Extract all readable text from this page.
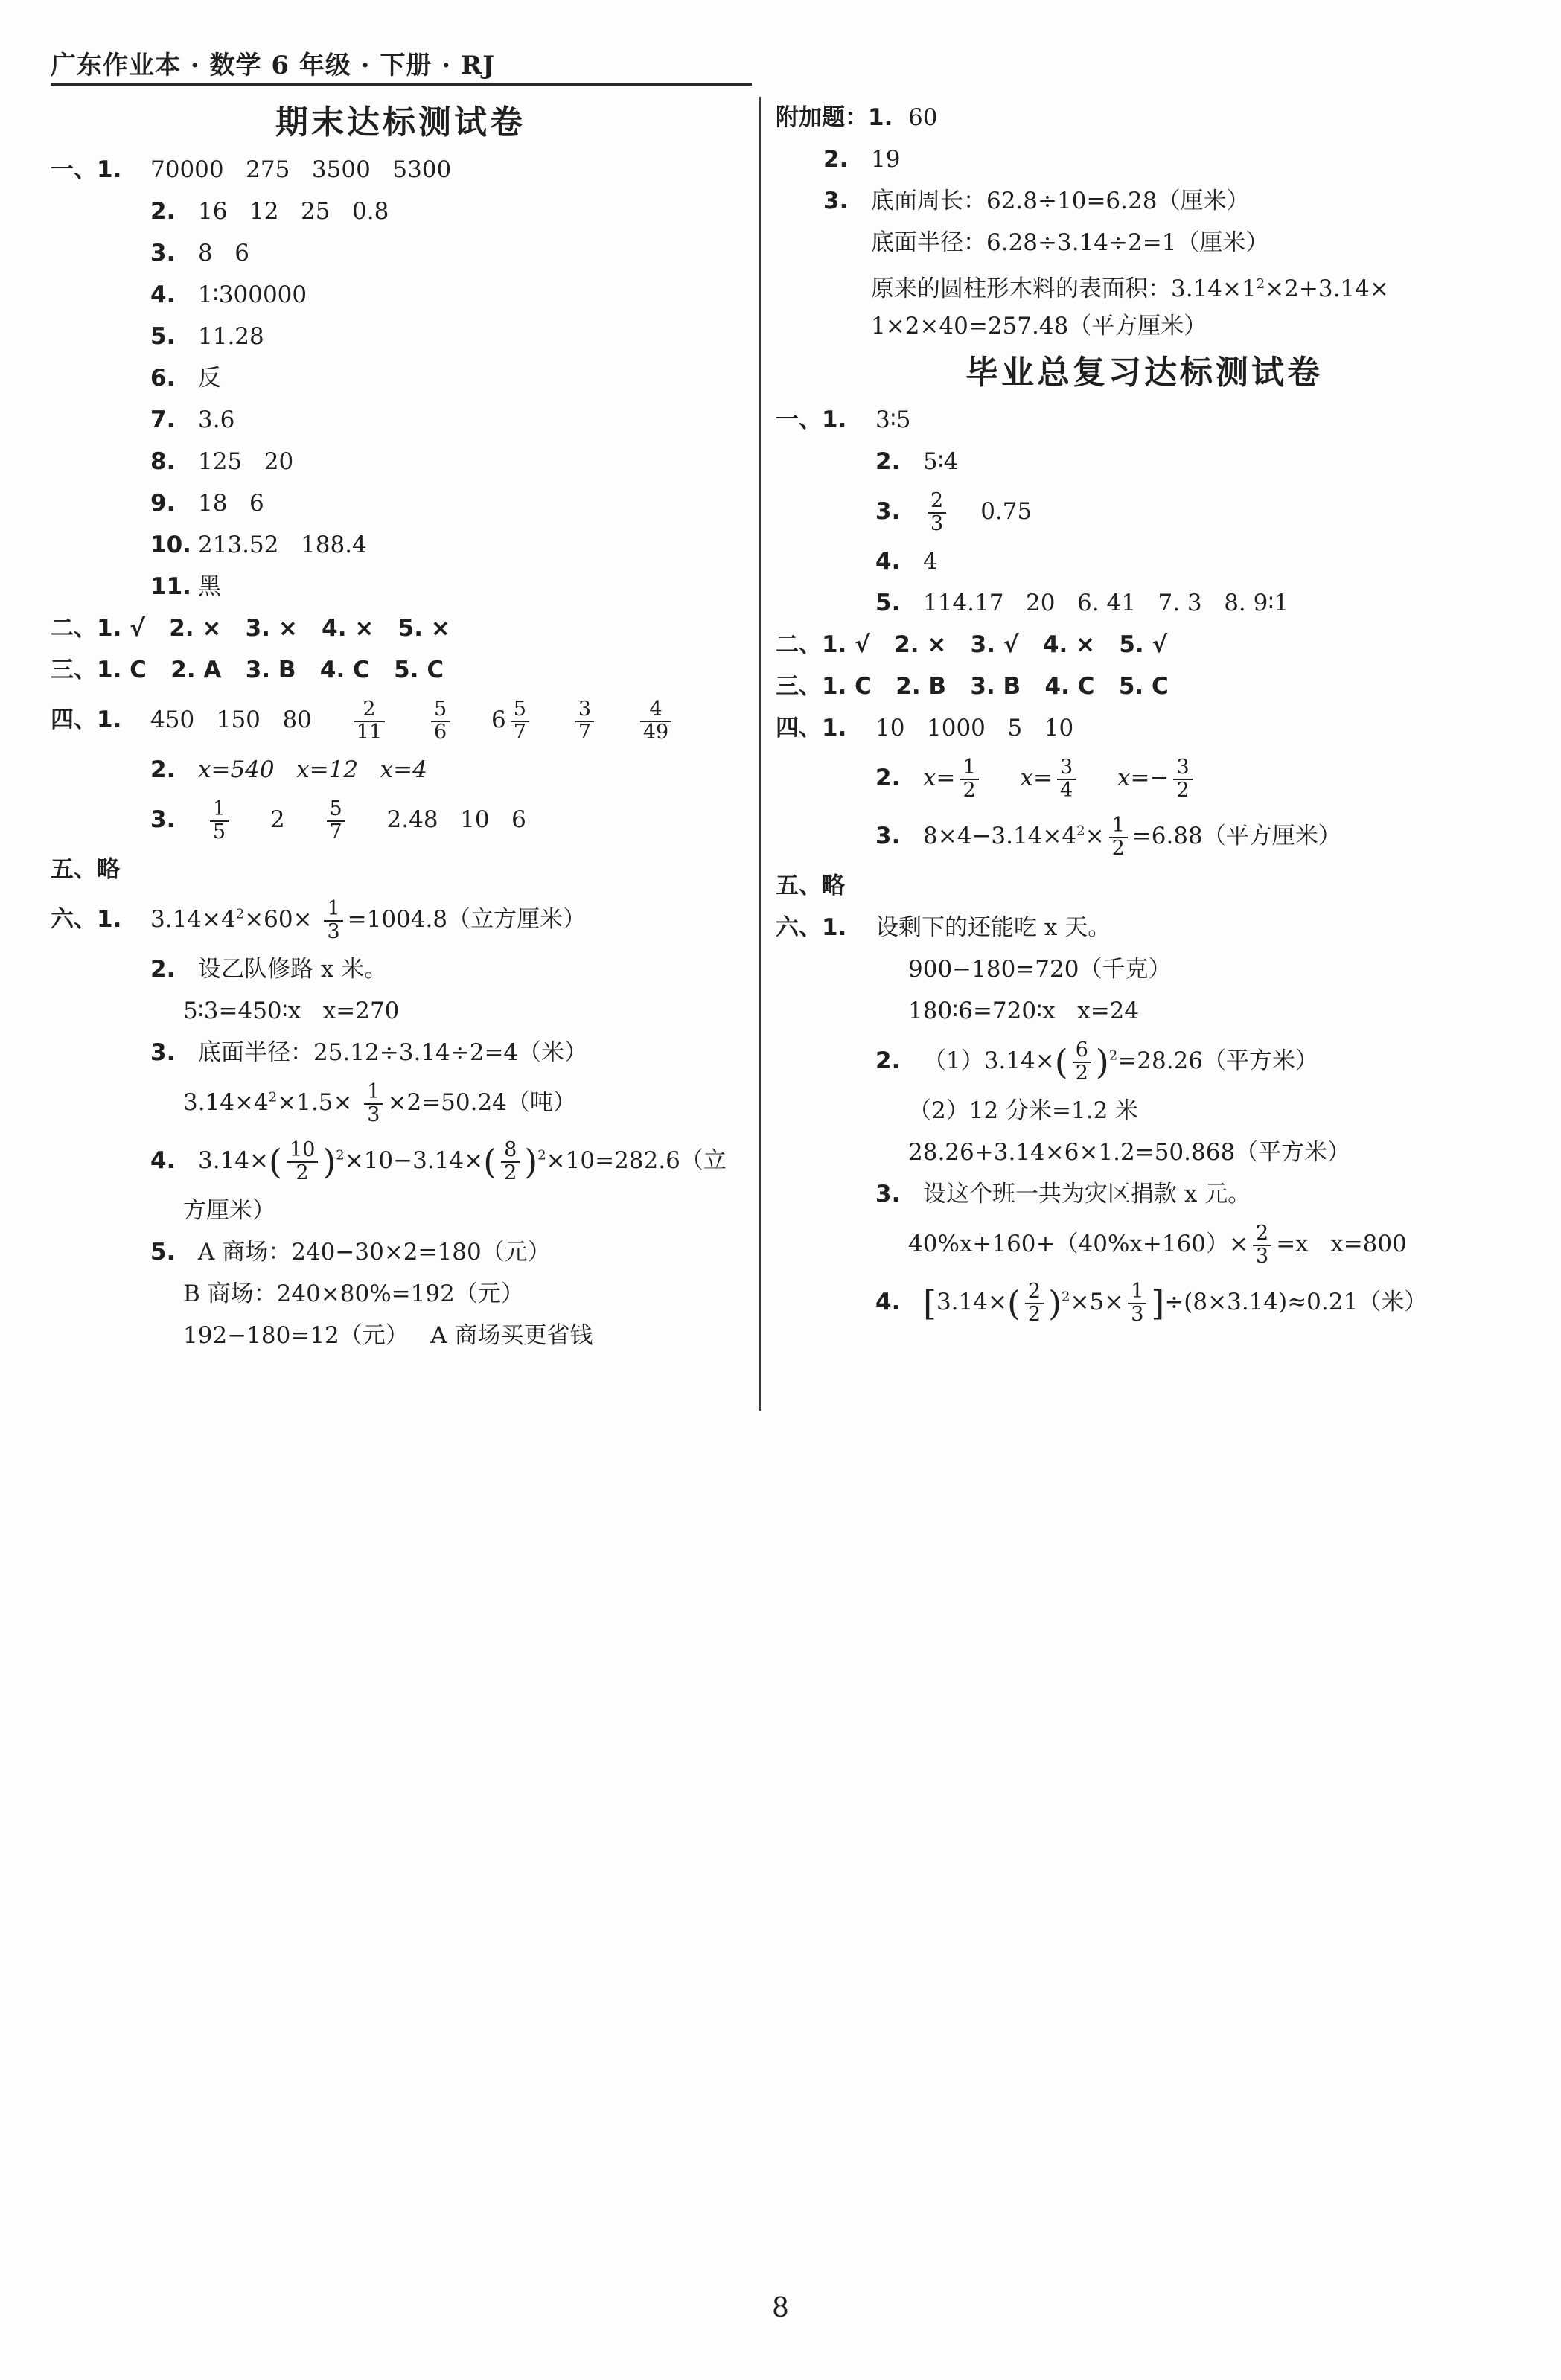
广东作业本 · 数学 6 年级 · 下册 · RJ
期末达标测试卷
一、1. 70000   275   3500   5300
2. 16   12   25   0.8
3. 8   6
4. 1∶300000
5. 11.28
6. 反
7. 3.6
8. 125   20
9. 18   6
10. 213.52   188.4
11. 黑
二、1. √   2. ×   3. ×   4. ×   5. ×
三、1. C   2. A   3. B   4. C   5. C
四、1. 450   150   $80 \frac{2}{11}$
$\frac{5}{6} 6 \frac{5}{7}$
$\frac{3}{7}$
$\frac{4}{49}$
2. x=540   x=12   x=4
3. $\frac{1}{5} 2 \frac{5}{7} 2.48$   10   6
五、略
六、1. $3.14\times 4^2\times 60\times \frac{1}{3} =1004.8$（立方厘米）
2. 设乙队修路 x 米。
5∶3=450∶x   x=270
3. 底面半径：25.12÷3.14÷2=4（米）
$3.14\times 4^2\times 1.5\times \frac{1}{3} \times 2=50.24$（吨）
4. $3.14\times( \frac{10}{2} )^2\times 10-3.14\times( \frac{8}{2} )^2\times 10=282.6$（立
方厘米）
5. A 商场：240−30×2=180（元）
B 商场：240×80%=192（元）
192−180=12（元）   A 商场买更省钱
附加题：1. 60
2. 19
3. 底面周长：62.8÷10=6.28（厘米）
底面半径：6.28÷3.14÷2=1（厘米）
原来的圆柱形木料的表面积：$3.14\times 1^2\times 2+3.14\times$
1×2×40=257.48（平方厘米）
毕业总复习达标测试卷
一、1. 3∶5
2. 5∶4
3. $\frac{2}{3} 0.75$
4. 4
5. 114.17   20   6. 41   7. 3   8. 9∶1
二、1. √   2. ×   3. √   4. ×   5. √
三、1. C   2. B   3. B   4. C   5. C
四、1. 10   1000   5   10
2. $x= \frac{1}{2} x= \frac{3}{4} x=- \frac{3}{2}$
3. $8\times 4-3.14\times 4^2\times \frac{1}{2} =6.88$（平方厘米）
五、略
六、1. 设剩下的还能吃 x 天。
900−180=720（千克）
180∶6=720∶x   x=24
2. $(1)3.14\times( \frac{6}{2} )^2=28.26$（平方米）
（2）12 分米=1.2 米
28.26+3.14×6×1.2=50.868（平方米）
3. 设这个班一共为灾区捐款 x 元。
$40\%x+160+(40\%x+160)\times \frac{2}{3} =x$   x=800
4. $[3.14\times( \frac{2}{2} )^2\times 5\times \frac{1}{3} ]\div(8\times 3.14)\approx 0.21$（米）
8
